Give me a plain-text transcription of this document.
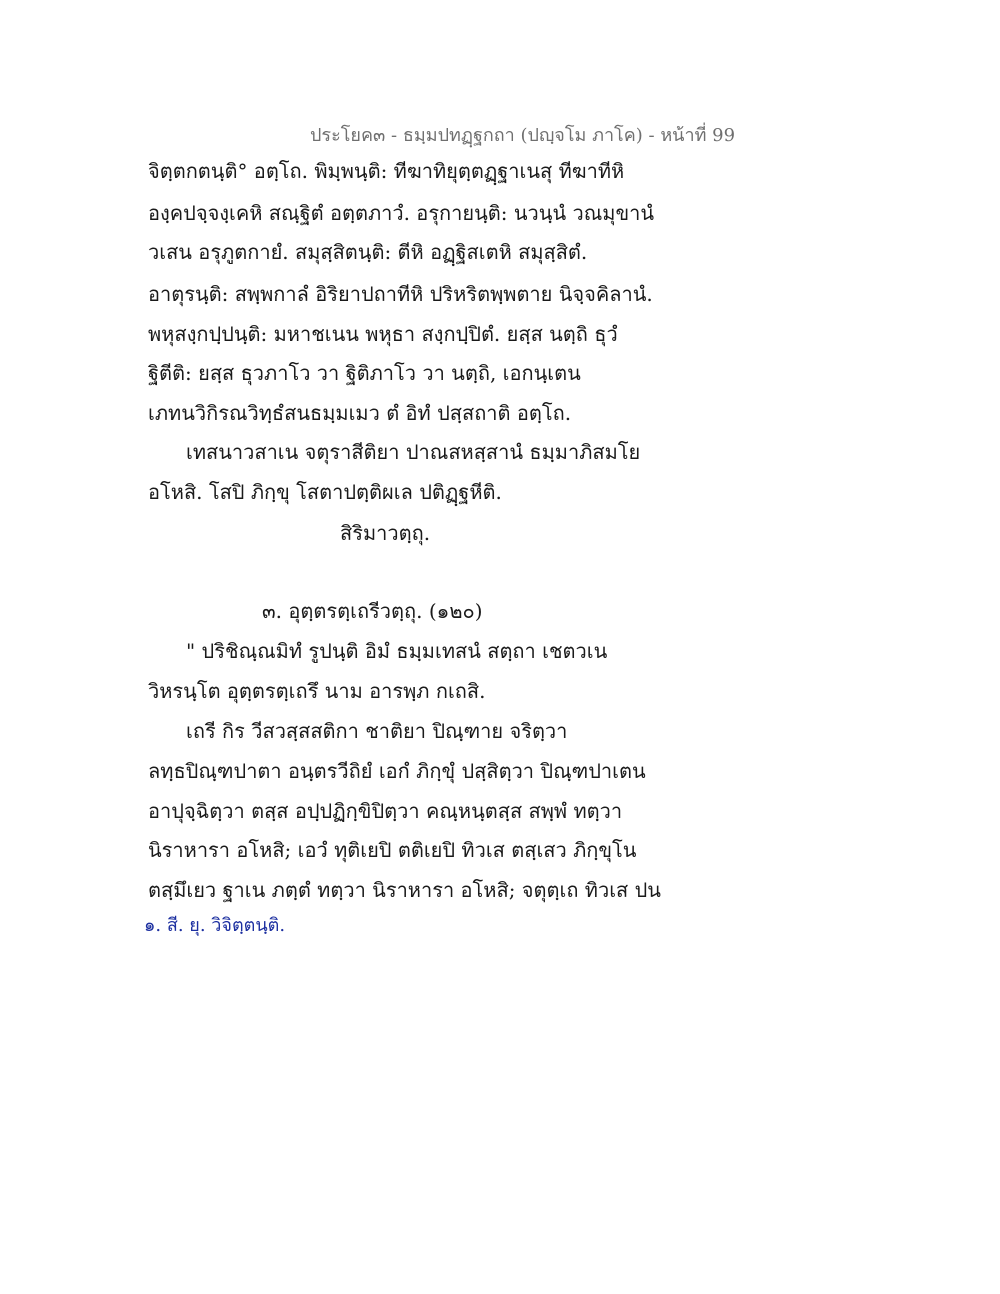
ประโยค๓ - ธมฺมปทฏฺฐกถา (ปญฺจโม ภาโค) - หน้าที่ 99
จิตฺตกตนฺติ° อตฺโถ. พิมฺพนฺติ: ทีฆาทิยุตฺตฏฺฐาเนสุ ทีฆาทีหิ
องฺคปจฺจงฺเคหิ สณฺฐิตํ อตฺตภาวํ. อรุกายนฺติ: นวนฺนํ วณมุขานํ
วเสน อรุภูตกายํ. สมุสฺสิตนฺติ: ตีหิ อฏฺฐิสเตหิ สมุสฺสิตํ.
อาตุรนฺติ: สพฺพกาลํ อิริยาปถาทีหิ ปริหริตพฺพตาย นิจฺจคิลานํ.
พหุสงฺกปฺปนฺติ: มหาชเนน พหุธา สงฺกปฺปิตํ. ยสฺส นตฺถิ ธุวํ
ฐิตีติ: ยสฺส ธุวภาโว วา ฐิติภาโว วา นตฺถิ, เอกนฺเตน
เภทนวิกิรณวิทฺธํสนธมฺมเมว ตํ อิทํ ปสฺสถาติ อตฺโถ.
เทสนาวสาเน จตุราสีติยา ปาณสหสฺสานํ ธมฺมาภิสมโย
อโหสิ. โสปิ ภิกฺขุ โสตาปตฺติผเล ปติฏฺฐหีติ.
สิริมาวตฺถุ.
๓. อุตฺตรตฺเถรีวตฺถุ. (๑๒๐)
" ปริชิณฺณมิทํ รูปนฺติ อิมํ ธมฺมเทสนํ สตฺถา เชตวเน
วิหรนฺโต อุตฺตรตฺเถรึ นาม อารพฺภ กเถสิ.
เถรี กิร วีสวสฺสสติกา ชาติยา ปิณฺฑาย จริตฺวา
ลทฺธปิณฺฑปาตา อนฺตรวีถิยํ เอกํ ภิกฺขุํ ปสฺสิตฺวา ปิณฺฑปาเตน
อาปุจฺฉิตฺวา ตสฺส อปฺปฏิกฺขิปิตฺวา คณฺหนฺตสฺส สพฺพํ ทตฺวา
นิราหารา อโหสิ; เอวํ ทุติเยปิ ตติเยปิ ทิวเส ตสฺเสว ภิกฺขุโน
ตสฺมึเยว ฐาเน ภตฺตํ ทตฺวา นิราหารา อโหสิ; จตุตฺเถ ทิวเส ปน
๑. สี. ยุ. วิจิตฺตนฺติ.
